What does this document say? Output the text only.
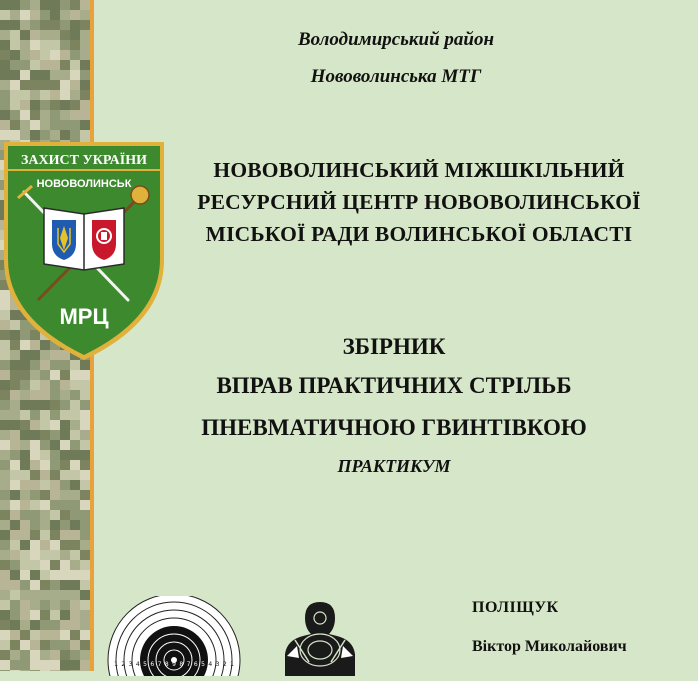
Володимирський район
Нововолинська МТГ
ЗАХИСТ УКРАЇНИ
НОВОВОЛИНСЬК
МРЦ
НОВОВОЛИНСЬКИЙ МІЖШКІЛЬНИЙ
РЕСУРСНИЙ ЦЕНТР НОВОВОЛИНСЬКОЇ
МІСЬКОЇ РАДИ ВОЛИНСЬКОЇ ОБЛАСТІ
ЗБІРНИК
ВПРАВ ПРАКТИЧНИХ СТРІЛЬБ
ПНЕВМАТИЧНОЮ ГВИНТІВКОЮ
ПРАКТИКУМ
ПОЛІЩУК
Віктор Миколайович
1 2 3 4 5 6 7 8 9 8 7 6 5 4 3 2 1
